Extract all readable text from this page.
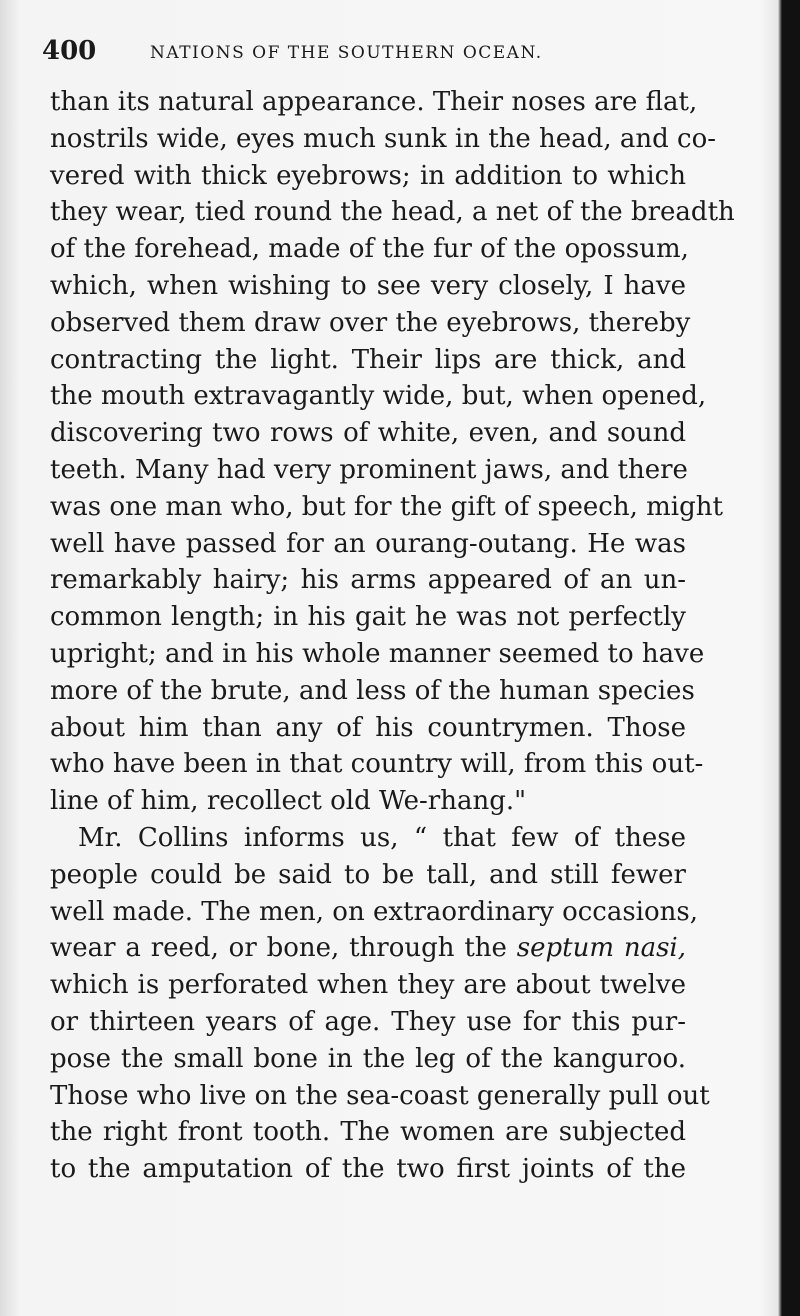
400	NATIONS OF THE SOUTHERN OCEAN.
than its natural appearance. Their noses are flat,
nostrils wide, eyes much sunk in the head, and co-
vered with thick eyebrows; in addition to which
they wear, tied round the head, a net of the breadth
of the forehead, made of the fur of the opossum,
which, when wishing to see very closely, I have
observed them draw over the eyebrows, thereby
contracting the light. Their lips are thick, and
the mouth extravagantly wide, but, when opened,
discovering two rows of white, even, and sound
teeth. Many had very prominent jaws, and there
was one man who, but for the gift of speech, might
well have passed for an ourang-outang. He was
remarkably hairy; his arms appeared of an un-
common length; in his gait he was not perfectly
upright; and in his whole manner seemed to have
more of the brute, and less of the human species
about him than any of his countrymen. Those
who have been in that country will, from this out-
line of him, recollect old We-rhang."
Mr. Collins informs us, “ that few of these
people could be said to be tall, and still fewer
well made. The men, on extraordinary occasions,
wear a reed, or bone, through the septum nasi,
which is perforated when they are about twelve
or thirteen years of age. They use for this pur-
pose the small bone in the leg of the kanguroo.
Those who live on the sea-coast generally pull out
the right front tooth. The women are subjected
to the amputation of the two first joints of the
